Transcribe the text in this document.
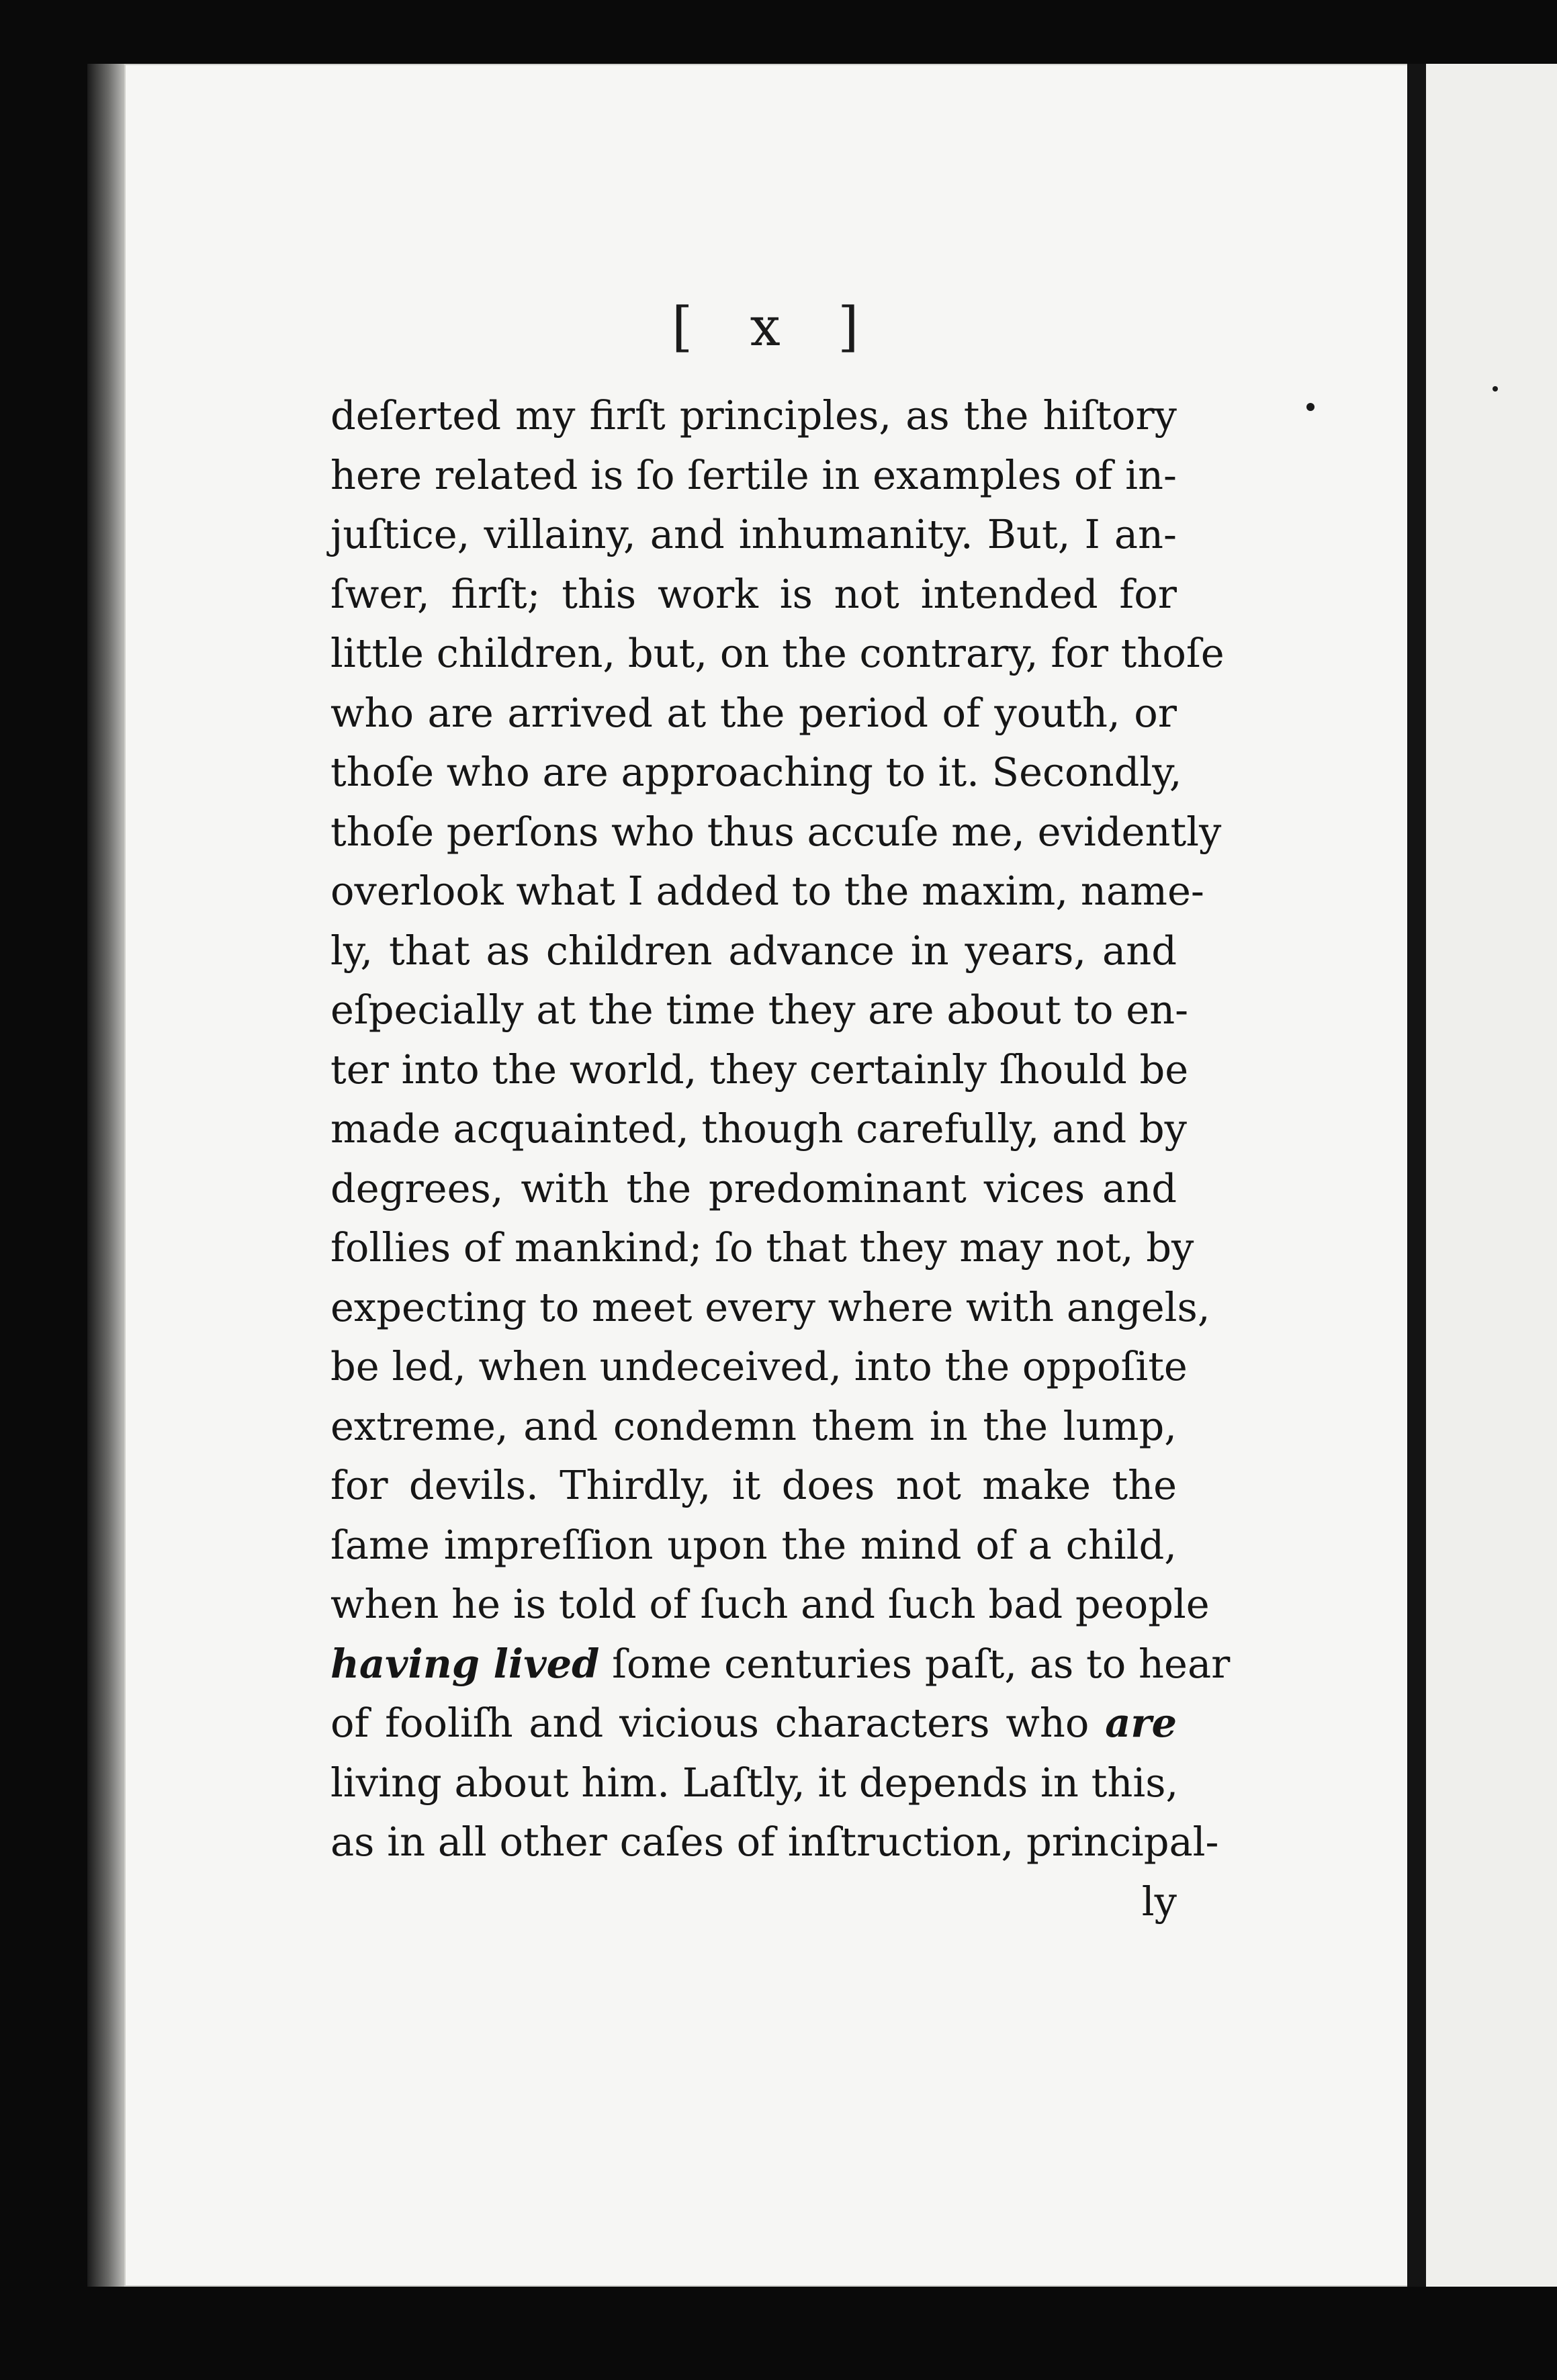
[ x ]
deſerted my firſt principles, as the hiſtory
here related is ſo ſertile in examples of in-
juſtice, villainy, and inhumanity. But, I an-
ſwer, firſt; this work is not intended for
little children, but, on the contrary, for thoſe
who are arrived at the period of youth, or
thoſe who are approaching to it. Secondly,
thoſe perſons who thus accuſe me, evidently
overlook what I added to the maxim, name-
ly, that as children advance in years, and
eſpecially at the time they are about to en-
ter into the world, they certainly ſhould be
made acquainted, though carefully, and by
degrees, with the predominant vices and
follies of mankind; ſo that they may not, by
expecting to meet every where with angels,
be led, when undeceived, into the oppoſite
extreme, and condemn them in the lump,
for devils. Thirdly, it does not make the
ſame impreſſion upon the mind of a child,
when he is told of ſuch and ſuch bad people
having lived ſome centuries paſt, as to hear
of fooliſh and vicious characters who are
living about him. Laſtly, it depends in this,
as in all other caſes of inſtruction, principal-
ly
